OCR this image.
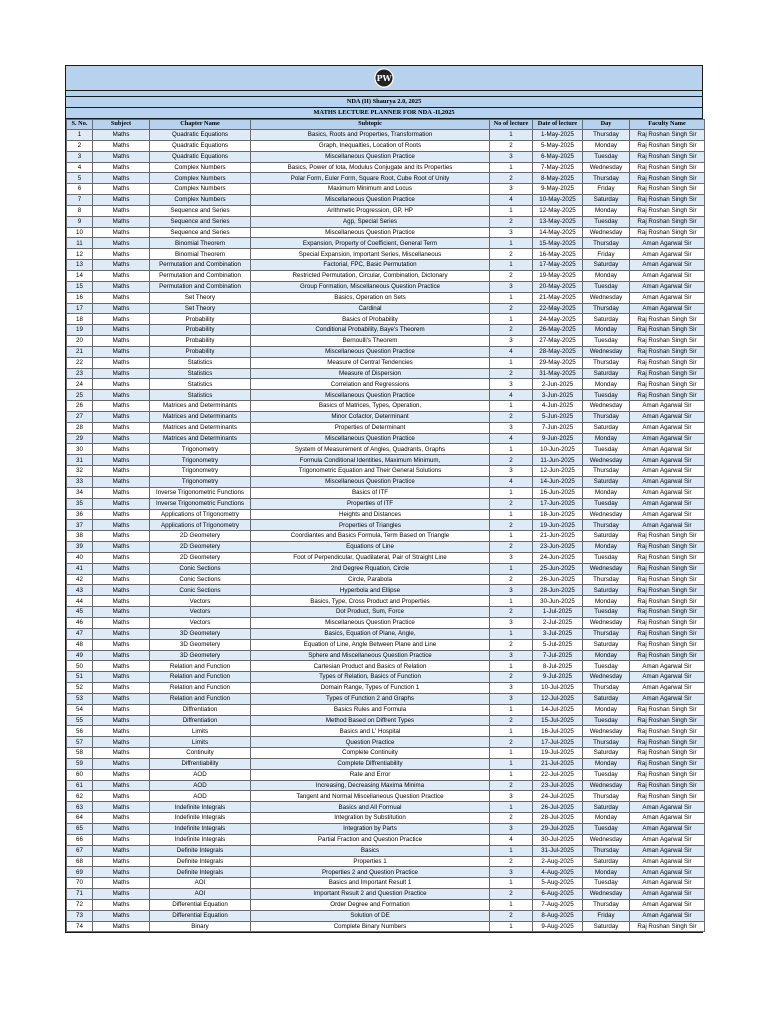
PW
NDA (II) Shaurya 2.0, 2025
MATHS LECTURE PLANNER FOR NDA -II,2025
S. No.	Subject	Chapter Name	Subtopic	No of lecture	Date of lecture	Day	Faculty Name
1	Maths	Quadratic Equations	Basics, Roots and Properties, Transformation	1	1-May-2025	Thursday	Raj Roshan Singh Sir
2	Maths	Quadratic Equations	Graph, Inequalties, Location of Roots	2	5-May-2025	Monday	Raj Roshan Singh Sir
3	Maths	Quadratic Equations	Miscellaneous Question Practice	3	6-May-2025	Tuesday	Raj Roshan Singh Sir
4	Maths	Complex Numbers	Basics, Power of Iota, Modulus Conjugate and its Properties	1	7-May-2025	Wednesday	Raj Roshan Singh Sir
5	Maths	Complex Numbers	Polar Form, Euler Form, Square Root, Cube Root of Unity	2	8-May-2025	Thursday	Raj Roshan Singh Sir
6	Maths	Complex Numbers	Maximum Minimum and Locus	3	9-May-2025	Friday	Raj Roshan Singh Sir
7	Maths	Complex Numbers	Miscellaneous Question Practice	4	10-May-2025	Saturday	Raj Roshan Singh Sir
8	Maths	Sequence and Series	Arithmetic Progression, GP, HP	1	12-May-2025	Monday	Raj Roshan Singh Sir
9	Maths	Sequence and Series	Agp, Special Series	2	13-May-2025	Tuesday	Raj Roshan Singh Sir
10	Maths	Sequence and Series	Miscellaneous Question Practice	3	14-May-2025	Wednesday	Raj Roshan Singh Sir
11	Maths	Binomial Theorem	Expansion, Property of Coefficient, General Term	1	15-May-2025	Thursday	Aman Agarwal Sir
12	Maths	Binomial Theorem	Special Expansion, Important Series, Miscellaneous	2	16-May-2025	Friday	Aman Agarwal Sir
13	Maths	Permutation and Combination	Factorial, FPC, Basic Permutation	1	17-May-2025	Saturday	Aman Agarwal Sir
14	Maths	Permutation and Combination	Restricted Permutation, Circular, Combination, Dictonary	2	19-May-2025	Monday	Aman Agarwal Sir
15	Maths	Permutation and Combination	Group Formation, Miscellaneous Question Practice	3	20-May-2025	Tuesday	Aman Agarwal Sir
16	Maths	Set Theory	Basics, Operation on Sets	1	21-May-2025	Wednesday	Aman Agarwal Sir
17	Maths	Set Theory	Cardinal	2	22-May-2025	Thursday	Aman Agarwal Sir
18	Maths	Probability	Basics of Probability	1	24-May-2025	Saturday	Raj Roshan Singh Sir
19	Maths	Probability	Conditional Probability, Baye's Theorem	2	26-May-2025	Monday	Raj Roshan Singh Sir
20	Maths	Probability	Bernoulli's Theorem	3	27-May-2025	Tuesday	Raj Roshan Singh Sir
21	Maths	Probability	Miscellaneous Question Practice	4	28-May-2025	Wednesday	Raj Roshan Singh Sir
22	Maths	Statistics	Measure of Central Tendencies	1	29-May-2025	Thursday	Raj Roshan Singh Sir
23	Maths	Statistics	Measure of Dispersion	2	31-May-2025	Saturday	Raj Roshan Singh Sir
24	Maths	Statistics	Correlation and Regressions	3	2-Jun-2025	Monday	Raj Roshan Singh Sir
25	Maths	Statistics	Miscellaneous Question Practice	4	3-Jun-2025	Tuesday	Raj Roshan Singh Sir
26	Maths	Matrices and Determinants	Basics of Matrices, Types, Operation,	1	4-Jun-2025	Wednesday	Aman Agarwal Sir
27	Maths	Matrices and Determinants	Minor Cofactor, Determinant	2	5-Jun-2025	Thursday	Aman Agarwal Sir
28	Maths	Matrices and Determinants	Properties of Determinant	3	7-Jun-2025	Saturday	Aman Agarwal Sir
29	Maths	Matrices and Determinants	Miscellaneous Question Practice	4	9-Jun-2025	Monday	Aman Agarwal Sir
30	Maths	Trigonometry	System of Measurement of Angles, Quadrants, Graphs	1	10-Jun-2025	Tuesday	Aman Agarwal Sir
31	Maths	Trigonometry	Formula Conditional Identities, Maximum Minimum,	2	11-Jun-2025	Wednesday	Aman Agarwal Sir
32	Maths	Trigonometry	Trigonometric Equation and Their General Solutions	3	12-Jun-2025	Thursday	Aman Agarwal Sir
33	Maths	Trigonometry	Miscellaneous Question Practice	4	14-Jun-2025	Saturday	Aman Agarwal Sir
34	Maths	Inverse Trigonometric Functions	Basics of ITF	1	16-Jun-2025	Monday	Aman Agarwal Sir
35	Maths	Inverse Trigonometric Functions	Properties of ITF	2	17-Jun-2025	Tuesday	Aman Agarwal Sir
36	Maths	Applications of Trigonometry	Heights and Distances	1	18-Jun-2025	Wednesday	Aman Agarwal Sir
37	Maths	Applications of Trigonometry	Properties of Triangles	2	19-Jun-2025	Thursday	Aman Agarwal Sir
38	Maths	2D Geometery	Coordiantes and Basics Formula, Term Based on Triangle	1	21-Jun-2025	Saturday	Raj Roshan Singh Sir
39	Maths	2D Geometery	Equations of Line	2	23-Jun-2025	Monday	Raj Roshan Singh Sir
40	Maths	2D Geometery	Foot of Perpendicular, Quadilateral, Pair of Straight Line	3	24-Jun-2025	Tuesday	Raj Roshan Singh Sir
41	Maths	Conic Sections	2nd Degree Rquation, Circle	1	25-Jun-2025	Wednesday	Raj Roshan Singh Sir
42	Maths	Conic Sections	Circle, Parabola	2	26-Jun-2025	Thursday	Raj Roshan Singh Sir
43	Maths	Conic Sections	Hyperbola and Ellipse	3	28-Jun-2025	Saturday	Raj Roshan Singh Sir
44	Maths	Vectors	Basics, Type, Cross Product and Properties	1	30-Jun-2025	Monday	Raj Roshan Singh Sir
45	Maths	Vectors	Dot Product, Sum, Force	2	1-Jul-2025	Tuesday	Raj Roshan Singh Sir
46	Maths	Vectors	Miscellaneous Question Practice	3	2-Jul-2025	Wednesday	Raj Roshan Singh Sir
47	Maths	3D Geometery	Basics, Equation of Plane, Angle,	1	3-Jul-2025	Thursday	Raj Roshan Singh Sir
48	Maths	3D Geometery	Equation of Line, Angle Between Plane and Line	2	5-Jul-2025	Saturday	Raj Roshan Singh Sir
49	Maths	3D Geometery	Sphere and Miscellaneous Question Practice	3	7-Jul-2025	Monday	Raj Roshan Singh Sir
50	Maths	Relation and Function	Cartesian Product and Basics of Relation	1	8-Jul-2025	Tuesday	Aman Agarwal Sir
51	Maths	Relation and Function	Types of Relation, Basics of Function	2	9-Jul-2025	Wednesday	Aman Agarwal Sir
52	Maths	Relation and Function	Domain Range, Types of Function 1	3	10-Jul-2025	Thursday	Aman Agarwal Sir
53	Maths	Relation and Function	Types of Function 2 and Graphs	3	12-Jul-2025	Saturday	Aman Agarwal Sir
54	Maths	Diffrentiation	Basics Rules and Formula	1	14-Jul-2025	Monday	Raj Roshan Singh Sir
55	Maths	Diffrentiation	Method Based on Diffrent Types	2	15-Jul-2025	Tuesday	Raj Roshan Singh Sir
56	Maths	Limits	Basics and L' Hospital	1	16-Jul-2025	Wednesday	Raj Roshan Singh Sir
57	Maths	Limits	Question Practice	2	17-Jul-2025	Thursday	Raj Roshan Singh Sir
58	Maths	Continuity	Complete Continuity	1	19-Jul-2025	Saturday	Raj Roshan Singh Sir
59	Maths	Diffrentiability	Complete Diffrentiability	1	21-Jul-2025	Monday	Raj Roshan Singh Sir
60	Maths	AOD	Rate and Error	1	22-Jul-2025	Tuesday	Raj Roshan Singh Sir
61	Maths	AOD	Increasing, Decreasing Maxima Minima	2	23-Jul-2025	Wednesday	Raj Roshan Singh Sir
62	Maths	AOD	Tangent and Normal Miscellaneous Question Practice	3	24-Jul-2025	Thursday	Raj Roshan Singh Sir
63	Maths	Indefinite Integrals	Basics and All Formual	1	26-Jul-2025	Saturday	Aman Agarwal Sir
64	Maths	Indefinite Integrals	Integration by Substitution	2	28-Jul-2025	Monday	Aman Agarwal Sir
65	Maths	Indefinite Integrals	Integration by Parts	3	29-Jul-2025	Tuesday	Aman Agarwal Sir
66	Maths	Indefinite Integrals	Partial Fraction and Question Practice	4	30-Jul-2025	Wednesday	Aman Agarwal Sir
67	Maths	Definite Integrals	Basics	1	31-Jul-2025	Thursday	Aman Agarwal Sir
68	Maths	Definite Integrals	Properties 1	2	2-Aug-2025	Saturday	Aman Agarwal Sir
69	Maths	Definite Integrals	Properties 2 and Question Practice	3	4-Aug-2025	Monday	Aman Agarwal Sir
70	Maths	AOI	Basics and Important Result 1	1	5-Aug-2025	Tuesday	Aman Agarwal Sir
71	Maths	AOI	Important Result 2 and Question Practice	2	6-Aug-2025	Wednesday	Aman Agarwal Sir
72	Maths	Differential Equation	Order Degree and Formation	1	7-Aug-2025	Thursday	Aman Agarwal Sir
73	Maths	Differential Equation	Solution of DE	2	8-Aug-2025	Friday	Aman Agarwal Sir
74	Maths	Binary	Complete Binary Numbers	1	9-Aug-2025	Saturday	Raj Roshan Singh Sir
